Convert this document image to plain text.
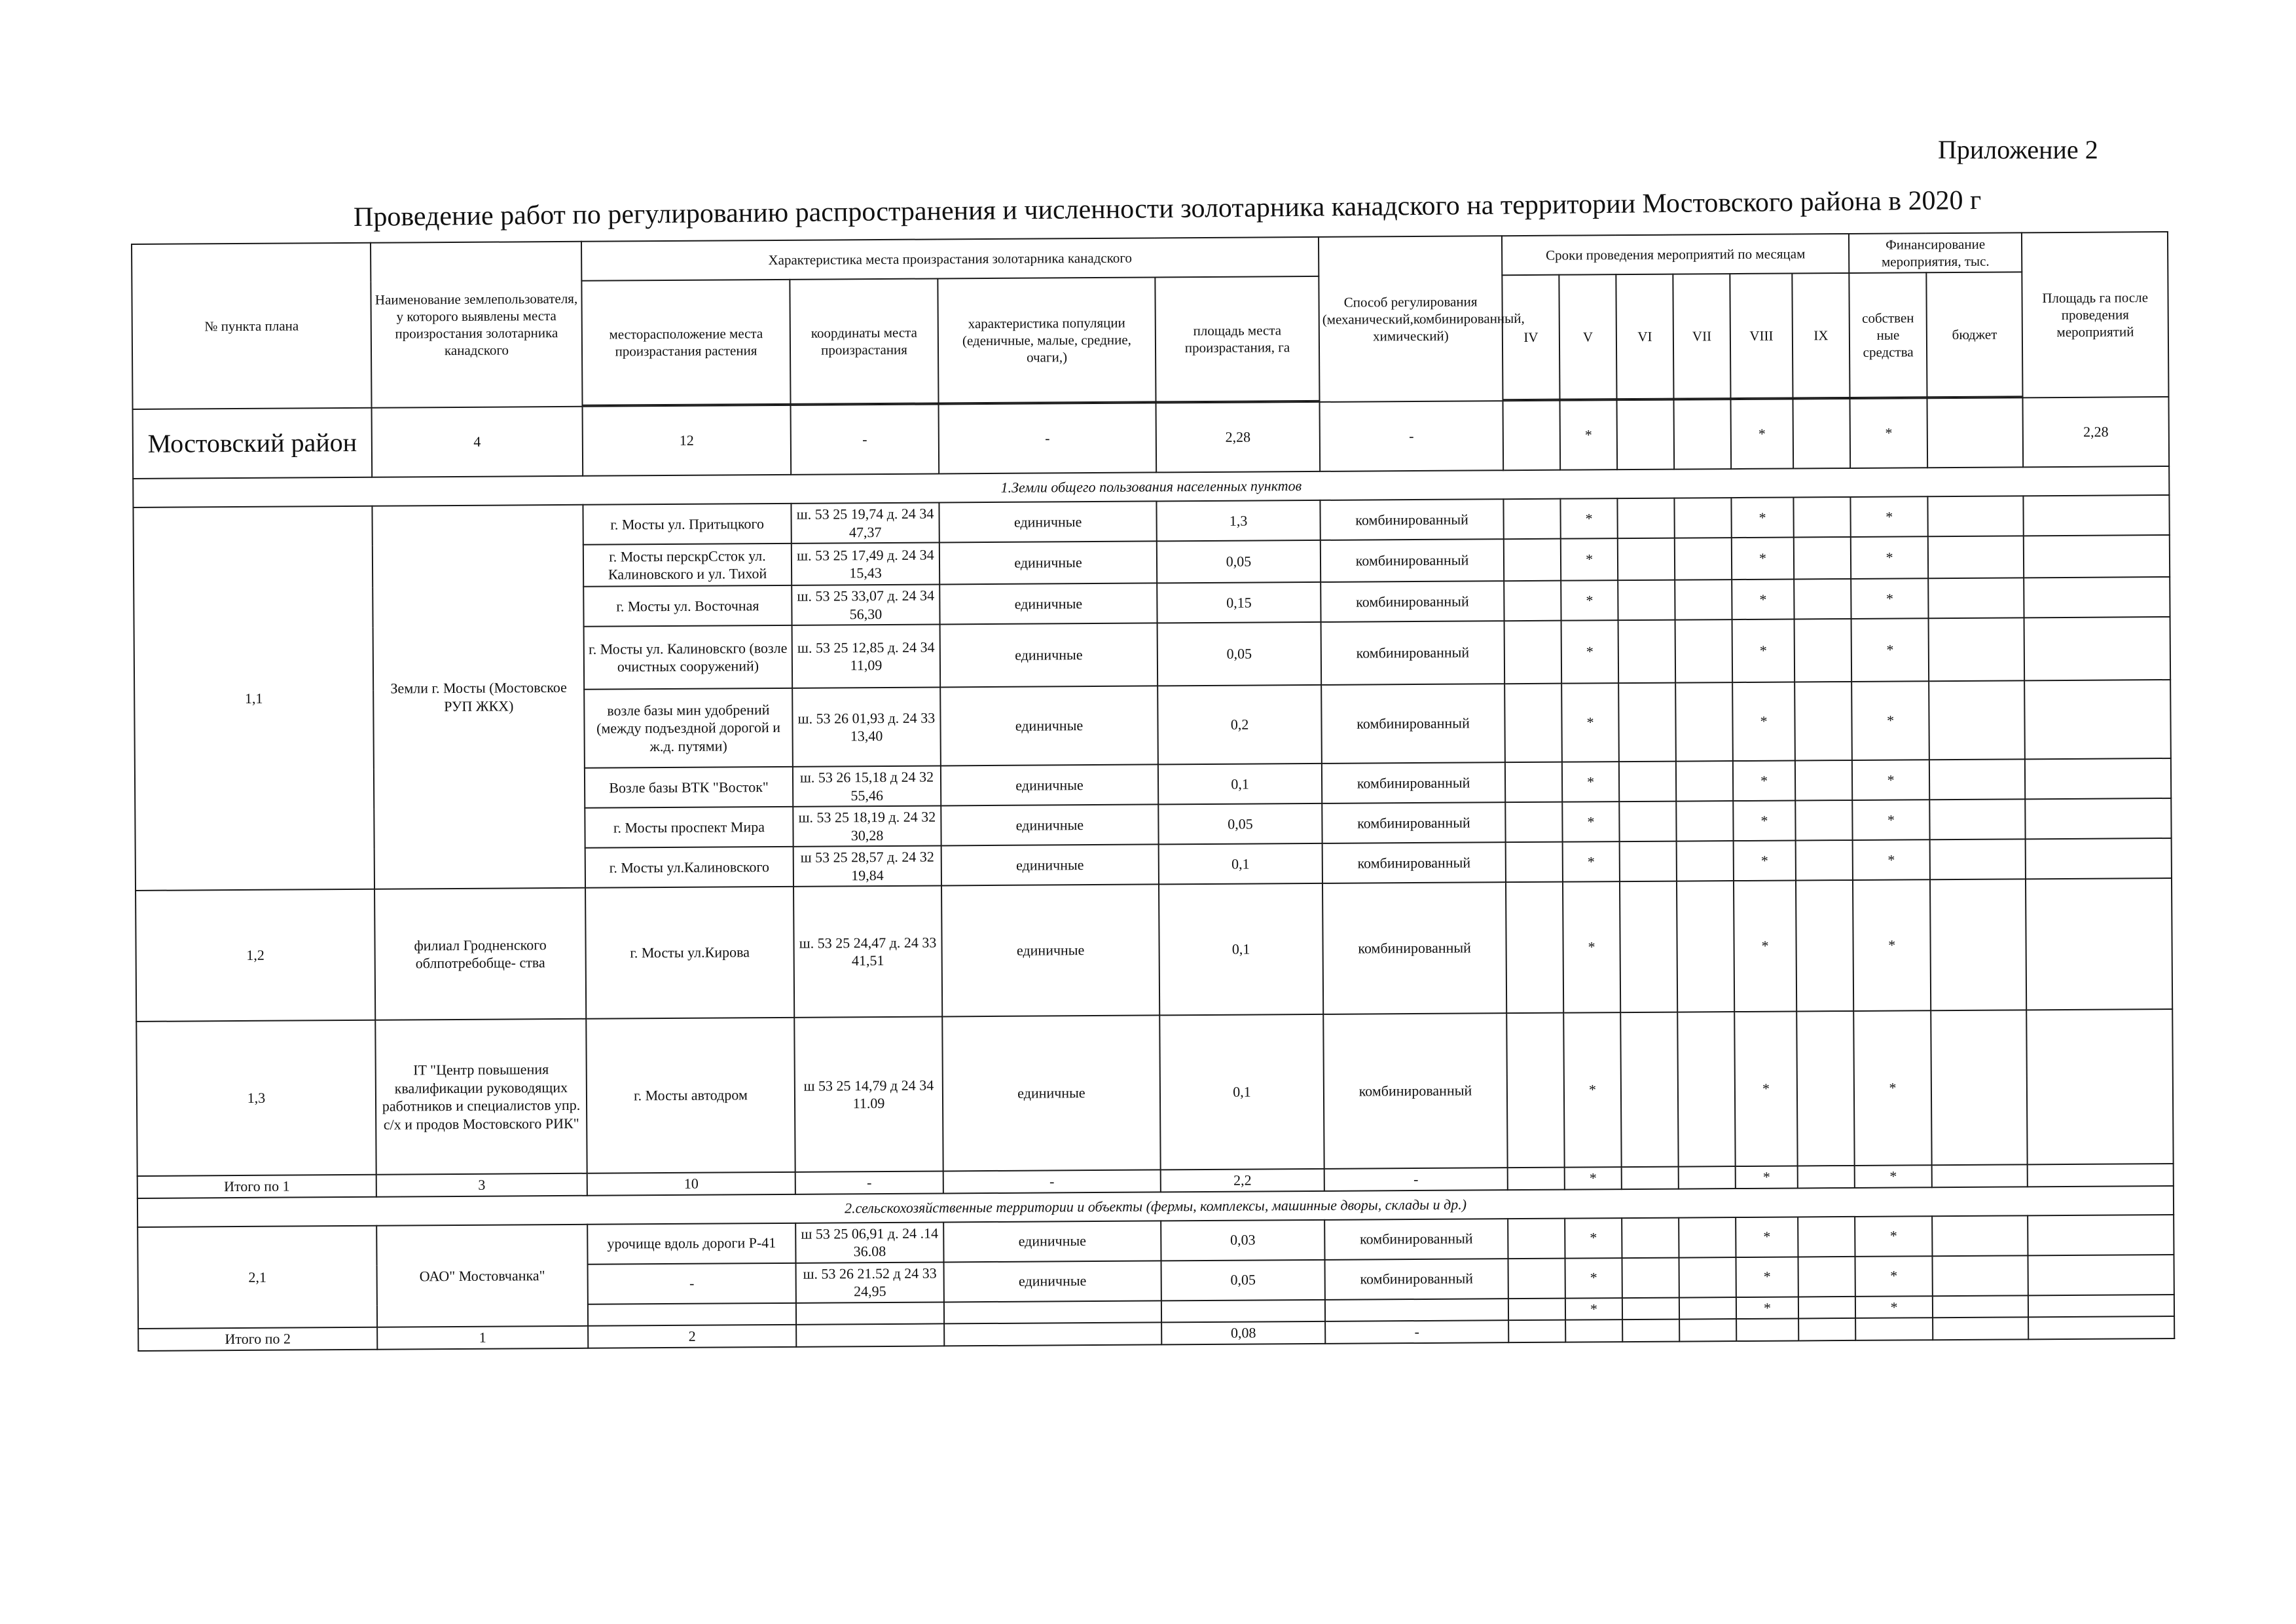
Приложение 2
Проведение работ по регулированию распространения и численности золотарника канадского на территории Мостовского района в 2020 г
№ пункта плана	Наименование землепользователя, у которого выявлены места произростания золотарника канадского	Характеристика места произрастания золотарника канадского				Способ регулирования (механический,комбинированный, химический)	Сроки проведения мероприятий по месяцам						Финансирование мероприятия, тыс.		Площадь га после проведения мероприятий
		месторасположение места произрастания растения	координаты места произрастания	характеристика популяции (еденичные, малые, средние, очаги,)	площадь места произрастания, га		IV	V	VI	VII	VIII	IX	собствен ные средства	бюджет	

Мостовский район	4	12	-	-	2,28	-		*			*		*		2,28
1.Земли общего пользования населенных пунктов															
1,1	Земли г. Мосты (Мостовское РУП ЖКХ)	г. Мосты ул. Притыцкого	ш. 53 25 19,74 д. 24 34 47,37	единичные	1,3	комбинированный		*			*		*		
		г. Мосты перскрСсток ул. Калиновского и ул. Тихой	ш. 53 25 17,49 д. 24 34 15,43	единичные	0,05	комбинированный		*			*		*		
		г. Мосты ул. Восточная	ш. 53 25 33,07 д. 24 34 56,30	единичные	0,15	комбинированный		*			*		*		
		г. Мосты ул. Калиновскго (возле очистных сооружений)	ш. 53 25 12,85 д. 24 34 11,09	единичные	0,05	комбинированный		*			*		*		
		возле базы мин удобрений (между подъездной дорогой и ж.д. путями)	ш. 53 26 01,93 д. 24 33 13,40	единичные	0,2	комбинированный		*			*		*		
		Возле базы ВТК "Восток"	ш. 53 26 15,18 д 24 32 55,46	единичные	0,1	комбинированный		*			*		*		
		г. Мосты проспект Мира	ш. 53 25 18,19 д. 24 32 30,28	единичные	0,05	комбинированный		*			*		*		
		г. Мосты ул.Калиновского	ш 53 25 28,57 д. 24 32 19,84	единичные	0,1	комбинированный		*			*		*		
1,2	филиал Гродненского облпотребобще- ства	г. Мосты ул.Кирова	ш. 53 25 24,47 д. 24 33 41,51	единичные	0,1	комбинированный		*			*		*		
1,3	IT "Центр повышения квалификации руководящих работников и специалистов упр. с/х и продов Мостовского РИК"	г. Мосты автодром	ш 53 25 14,79 д 24 34 11.09	единичные	0,1	комбинированный		*			*		*		
Итого по 1	3	10	-	-	2,2	-		*			*		*		
2.сельскохозяйственные территории и объекты (фермы, комплексы, машинные дворы, склады и др.)															
2,1	ОАО" Мостовчанка"	урочище вдоль дороги Р-41	ш 53 25 06,91 д. 24 .14 36.08	единичные	0,03	комбинированный		*			*		*		
		-	ш. 53 26 21.52 д 24 33 24,95	единичные	0,05	комбинированный		*			*		*		
								*			*		*		
Итого по 2	1	2			0,08	-									
